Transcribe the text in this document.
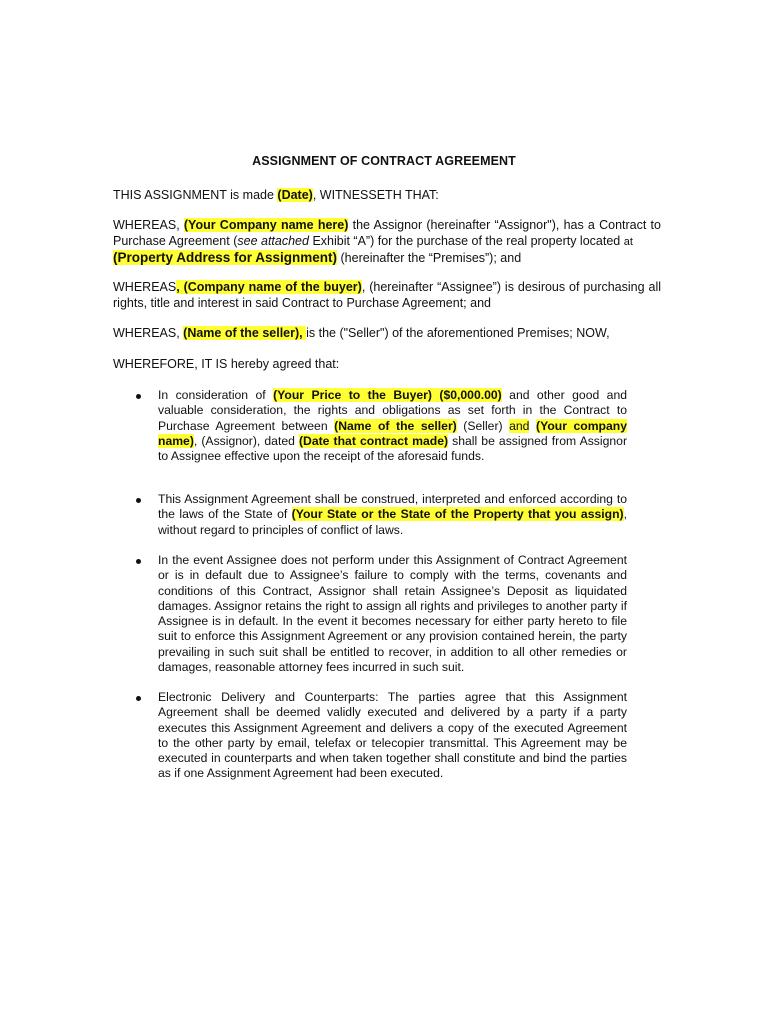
ASSIGNMENT OF CONTRACT AGREEMENT

THIS ASSIGNMENT is made (Date), WITNESSETH THAT:

WHEREAS, (Your Company name here) the Assignor (hereinafter “Assignor"), has a Contract to Purchase Agreement (see attached Exhibit “A”) for the purchase of the real property located at
(Property Address for Assignment) (hereinafter the “Premises”); and

WHEREAS, (Company name of the buyer), (hereinafter “Assignee”) is desirous of purchasing all rights, title and interest in said Contract to Purchase Agreement; and

WHEREAS, (Name of the seller), is the ("Seller") of the aforementioned Premises; NOW,

WHEREFORE, IT IS hereby agreed that:

In consideration of (Your Price to the Buyer) ($0,000.00) and other good and valuable consideration, the rights and obligations as set forth in the Contract to Purchase Agreement between (Name of the seller) (Seller) and (Your company name), (Assignor), dated (Date that contract made) shall be assigned from Assignor to Assignee effective upon the receipt of the aforesaid funds.

This Assignment Agreement shall be construed, interpreted and enforced according to the laws of the State of (Your State or the State of the Property that you assign), without regard to principles of conflict of laws.

In the event Assignee does not perform under this Assignment of Contract Agreement or is in default due to Assignee’s failure to comply with the terms, covenants and conditions of this Contract, Assignor shall retain Assignee’s Deposit as liquidated damages. Assignor retains the right to assign all rights and privileges to another party if Assignee is in default. In the event it becomes necessary for either party hereto to file suit to enforce this Assignment Agreement or any provision contained herein, the party prevailing in such suit shall be entitled to recover, in addition to all other remedies or damages, reasonable attorney fees incurred in such suit.

Electronic Delivery and Counterparts: The parties agree that this Assignment Agreement shall be deemed validly executed and delivered by a party if a party executes this Assignment Agreement and delivers a copy of the executed Agreement to the other party by email, telefax or telecopier transmittal. This Agreement may be executed in counterparts and when taken together shall constitute and bind the parties as if one Assignment Agreement had been executed.
